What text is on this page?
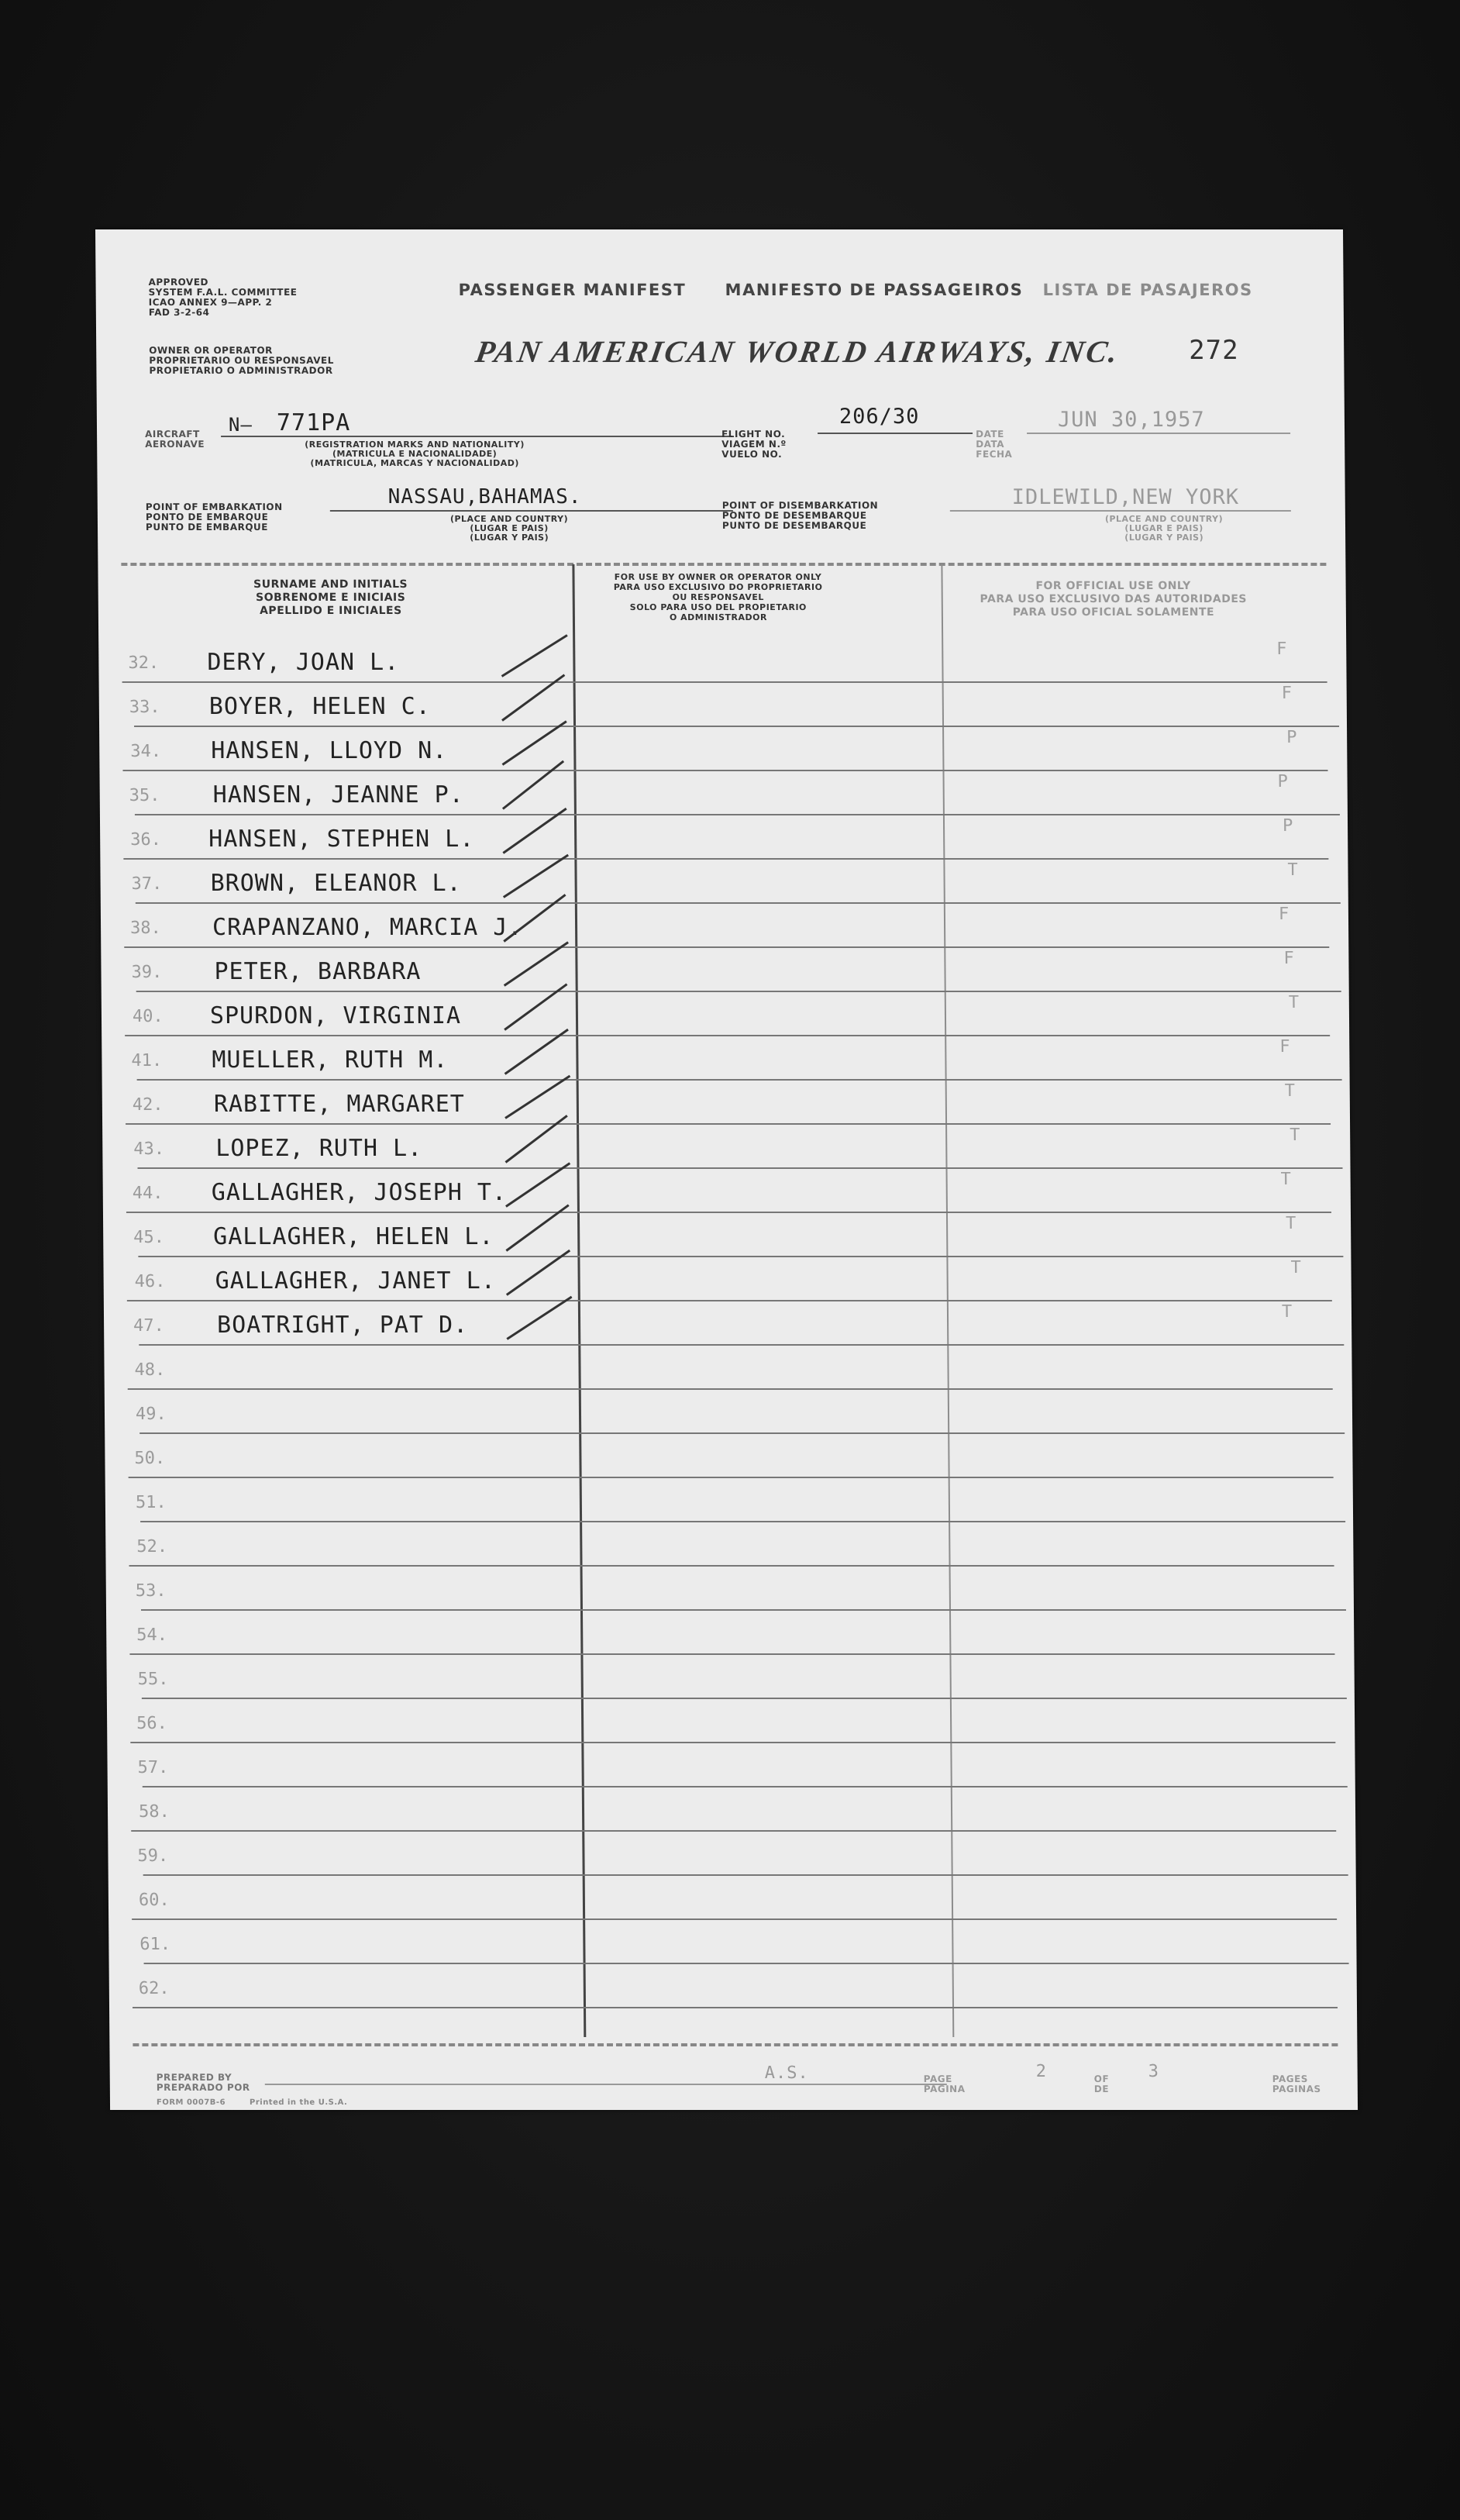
APPROVED
SYSTEM F.A.L. COMMITTEE
ICAO ANNEX 9—APP. 2
FAD 3-2-64
PASSENGER MANIFEST MANIFESTO DE PASSAGEIROS LISTA DE PASAJEROS
OWNER OR OPERATOR
PROPRIETARIO OU RESPONSAVEL
PROPIETARIO O ADMINISTRADOR
PAN AMERICAN WORLD AIRWAYS, INC.	272
AIRCRAFT
AERONAVE
N— 771PA
(REGISTRATION MARKS AND NATIONALITY)
(MATRICULA E NACIONALIDADE)
(MATRICULA, MARCAS Y NACIONALIDAD)
FLIGHT NO.
VIAGEM N.º
VUELO NO.
206/30
DATE
DATA
FECHA
JUN 30,1957
POINT OF EMBARKATION
PONTO DE EMBARQUE
PUNTO DE EMBARQUE
NASSAU,BAHAMAS.
(PLACE AND COUNTRY)
(LUGAR E PAIS)
(LUGAR Y PAIS)
POINT OF DISEMBARKATION
PONTO DE DESEMBARQUE
PUNTO DE DESEMBARQUE
IDLEWILD,NEW YORK
(PLACE AND COUNTRY)
(LUGAR E PAIS)
(LUGAR Y PAIS)
SURNAME AND INITIALS
SOBRENOME E INICIAIS
APELLIDO E INICIALES
FOR USE BY OWNER OR OPERATOR ONLY
PARA USO EXCLUSIVO DO PROPRIETARIO
OU RESPONSAVEL
SOLO PARA USO DEL PROPIETARIO
O ADMINISTRADOR
FOR OFFICIAL USE ONLY
PARA USO EXCLUSIVO DAS AUTORIDADES
PARA USO OFICIAL SOLAMENTE
32. DERY, JOAN L.	F
33. BOYER, HELEN C.	F
34. HANSEN, LLOYD N.	P
35. HANSEN, JEANNE P.	P
36. HANSEN, STEPHEN L.	P
37. BROWN, ELEANOR L.	T
38. CRAPANZANO, MARCIA J.	F
39. PETER, BARBARA	F
40. SPURDON, VIRGINIA	T
41. MUELLER, RUTH M.	F
42. RABITTE, MARGARET	T
43. LOPEZ, RUTH L.	T
44. GALLAGHER, JOSEPH T.	T
45. GALLAGHER, HELEN L.	T
46. GALLAGHER, JANET L.	T
47. BOATRIGHT, PAT D.	T
48.
49.
50.
51.
52.
53.
54.
55.
56.
57.
58.
59.
60.
61.
62.
PREPARED BY
PREPARADO POR
FORM 0007B-6	Printed in the U.S.A.
A.S.	PAGE
PAGINA
2	OF
DE
3	PAGES
PAGINAS
